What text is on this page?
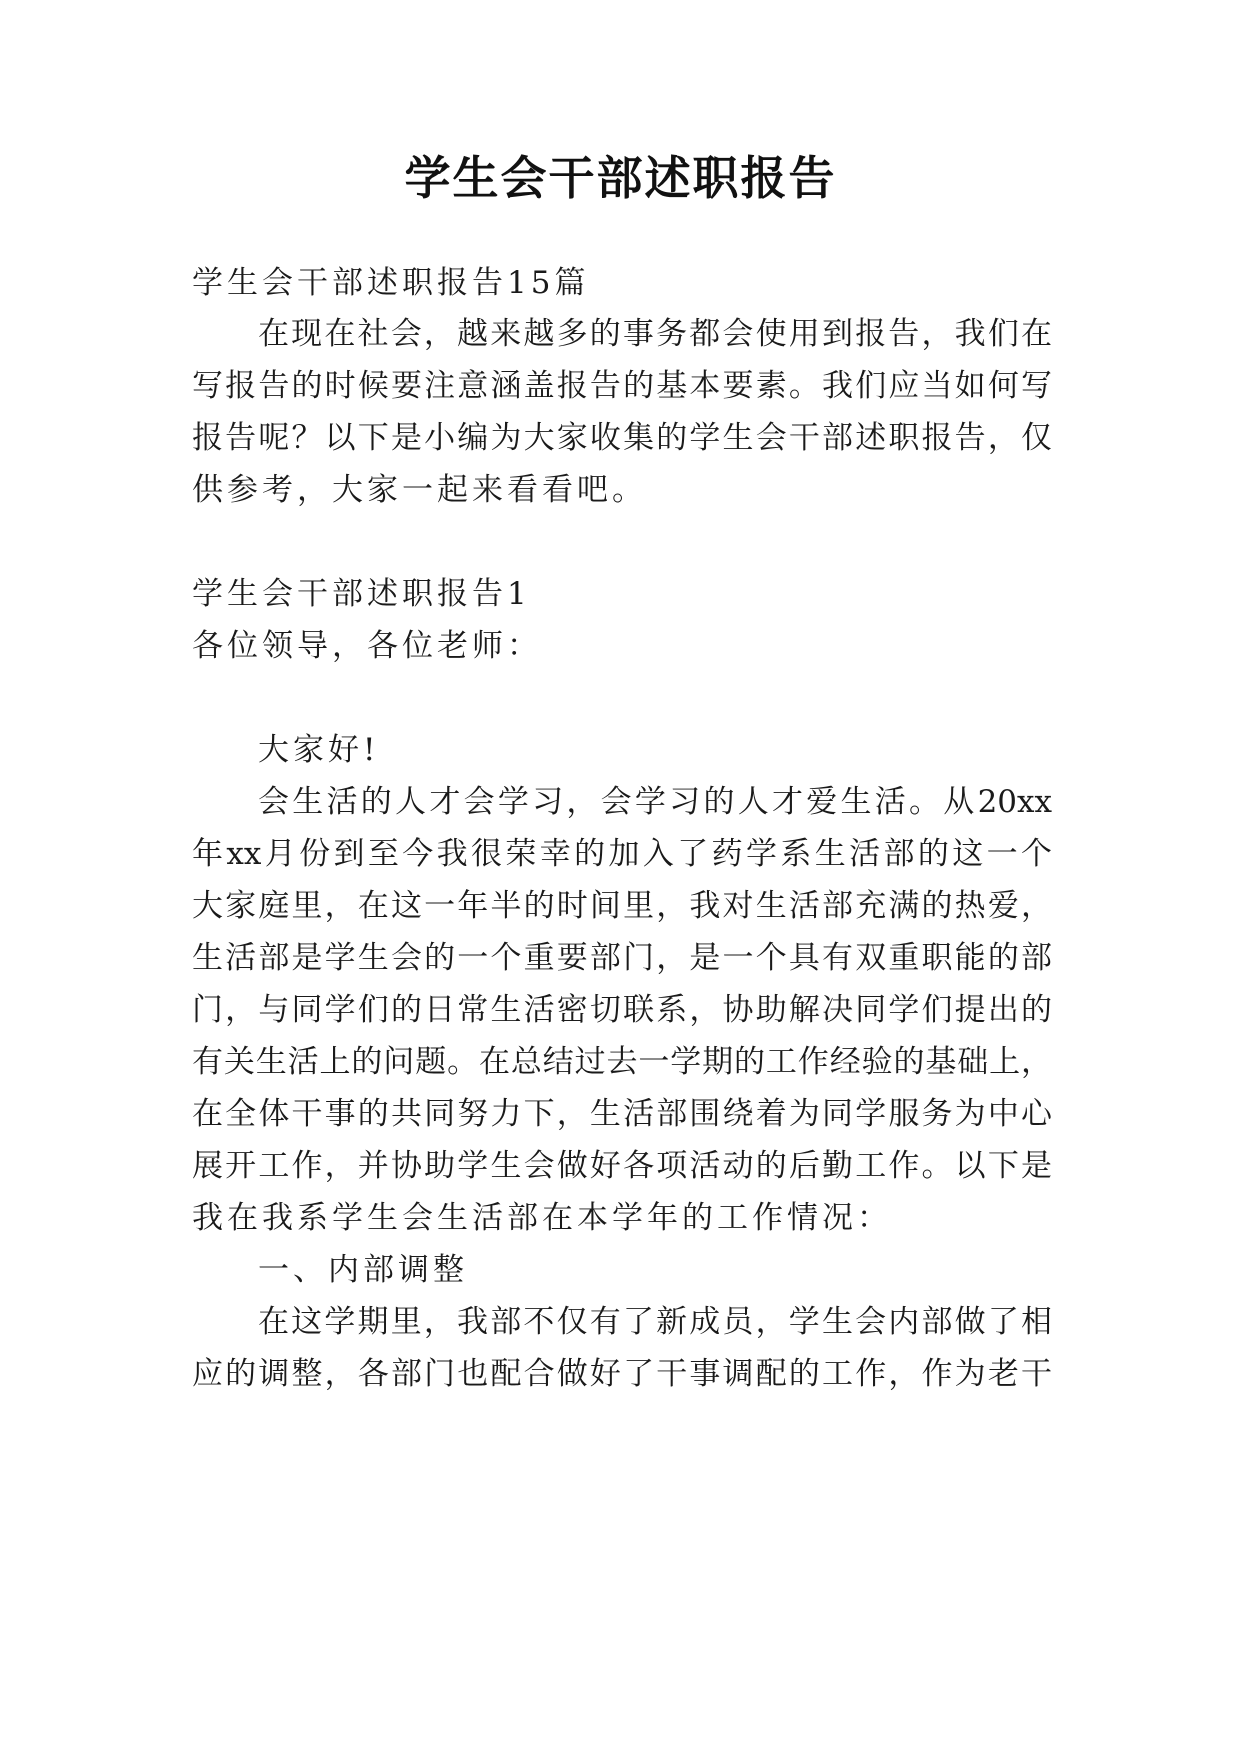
学生会干部述职报告
学生会干部述职报告15篇
在现在社会，越来越多的事务都会使用到报告，我们在
写报告的时候要注意涵盖报告的基本要素。我们应当如何写
报告呢？以下是小编为大家收集的学生会干部述职报告，仅
供参考，大家一起来看看吧。
学生会干部述职报告1
各位领导，各位老师：
大家好!
会生活的人才会学习，会学习的人才爱生活。从20xx
年xx月份到至今我很荣幸的加入了药学系生活部的这一个
大家庭里，在这一年半的时间里，我对生活部充满的热爱，
生活部是学生会的一个重要部门，是一个具有双重职能的部
门，与同学们的日常生活密切联系，协助解决同学们提出的
有关生活上的问题。在总结过去一学期的工作经验的基础上，
在全体干事的共同努力下，生活部围绕着为同学服务为中心
展开工作，并协助学生会做好各项活动的后勤工作。以下是
我在我系学生会生活部在本学年的工作情况：
一、内部调整
在这学期里，我部不仅有了新成员，学生会内部做了相
应的调整，各部门也配合做好了干事调配的工作，作为老干
